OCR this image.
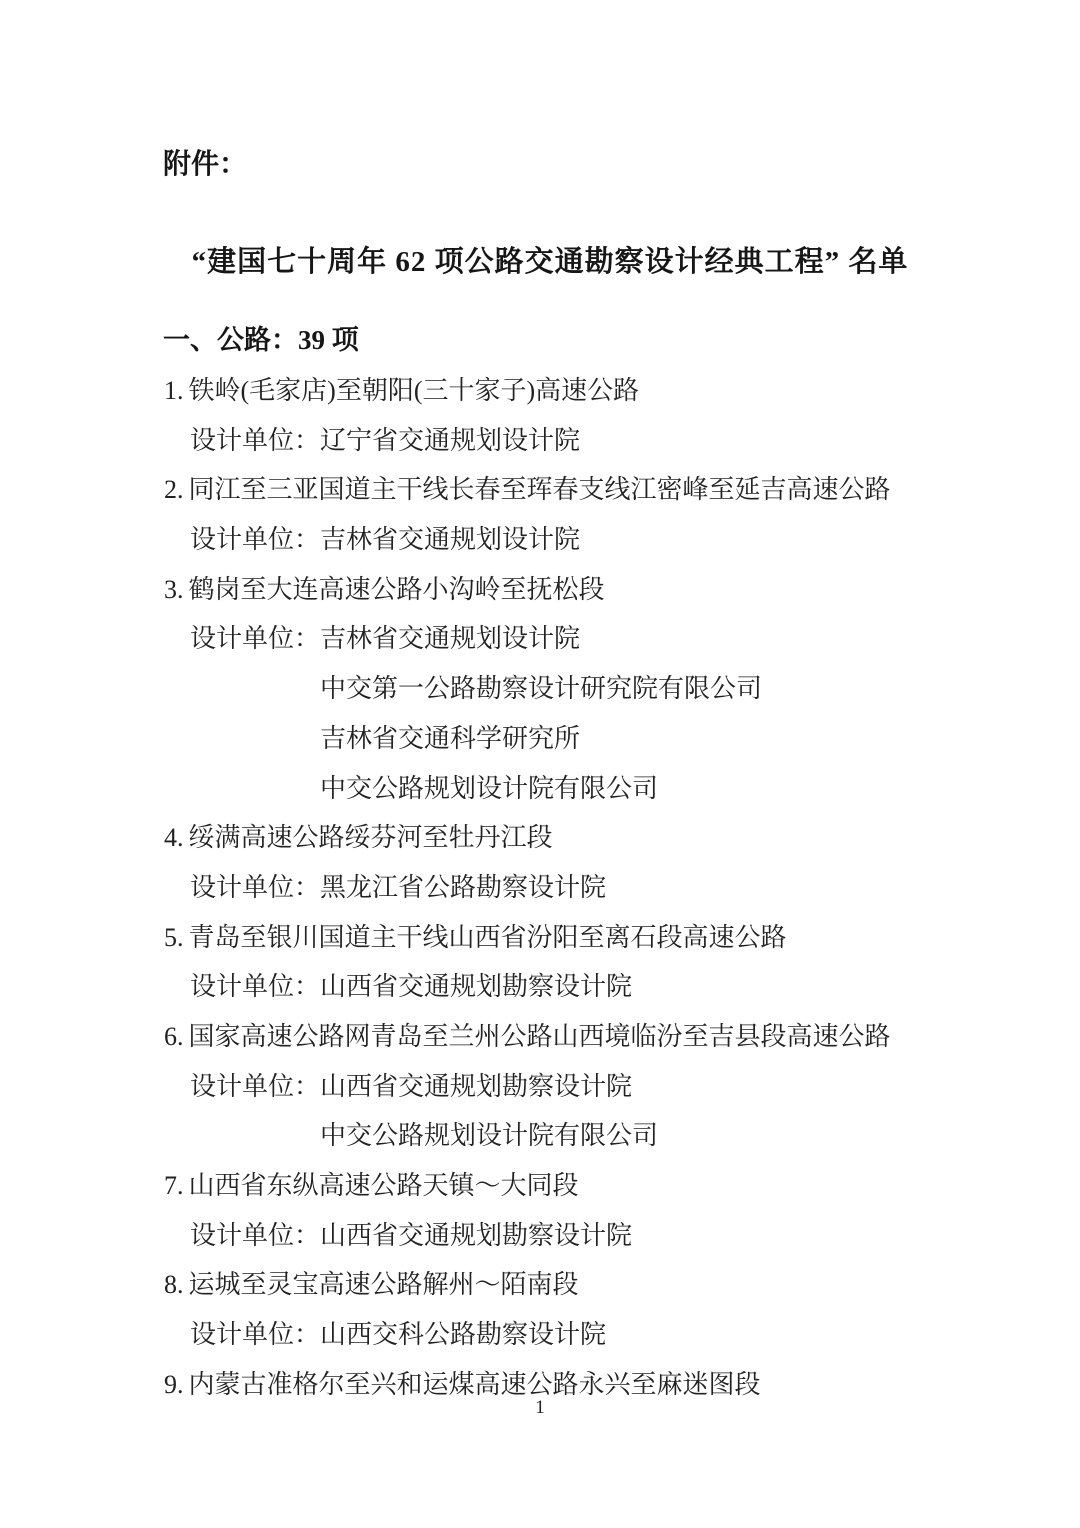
附件：
“建国七十周年 62 项公路交通勘察设计经典工程” 名单
一、公路：39 项
1. 铁岭(毛家店)至朝阳(三十家子)高速公路
设计单位：辽宁省交通规划设计院
2. 同江至三亚国道主干线长春至珲春支线江密峰至延吉高速公路
设计单位：吉林省交通规划设计院
3. 鹤岗至大连高速公路小沟岭至抚松段
设计单位：吉林省交通规划设计院
中交第一公路勘察设计研究院有限公司
吉林省交通科学研究所
中交公路规划设计院有限公司
4. 绥满高速公路绥芬河至牡丹江段
设计单位：黑龙江省公路勘察设计院
5. 青岛至银川国道主干线山西省汾阳至离石段高速公路
设计单位：山西省交通规划勘察设计院
6. 国家高速公路网青岛至兰州公路山西境临汾至吉县段高速公路
设计单位：山西省交通规划勘察设计院
中交公路规划设计院有限公司
7. 山西省东纵高速公路天镇～大同段
设计单位：山西省交通规划勘察设计院
8. 运城至灵宝高速公路解州～陌南段
设计单位：山西交科公路勘察设计院
9. 内蒙古准格尔至兴和运煤高速公路永兴至麻迷图段
1
